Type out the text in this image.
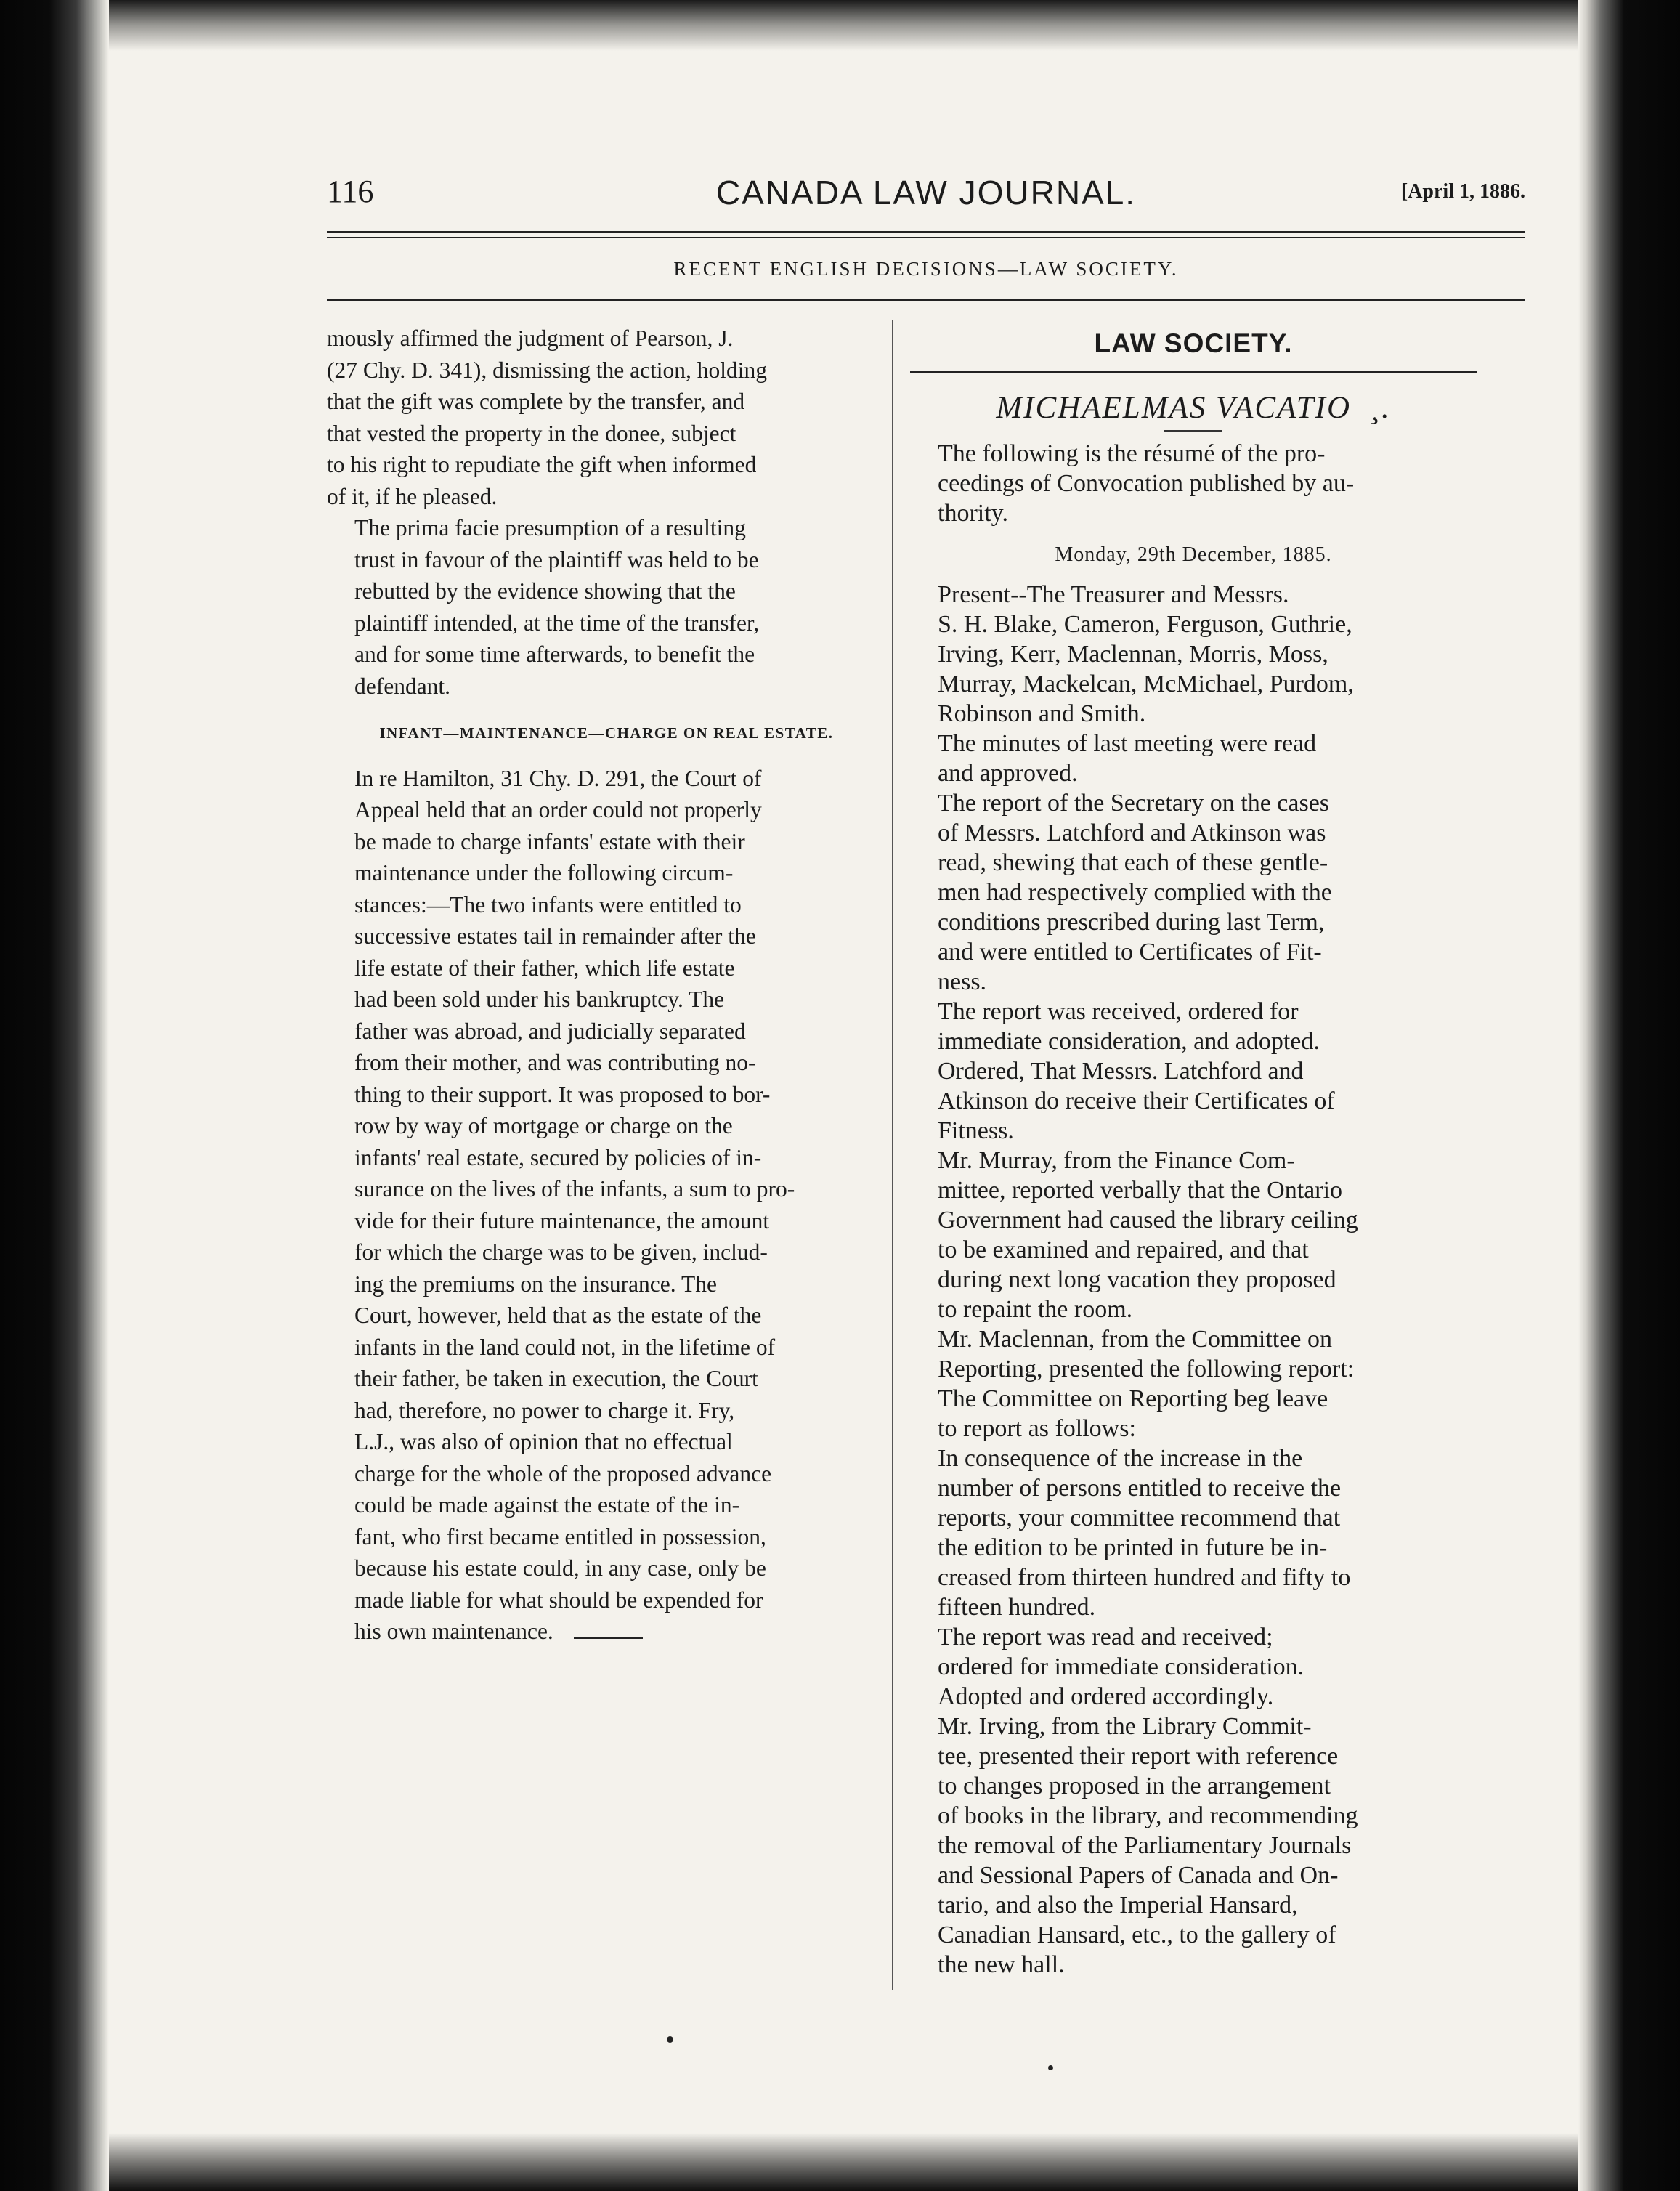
116	CANADA LAW JOURNAL.	[April 1, 1886.
RECENT ENGLISH DECISIONS—LAW SOCIETY.

mously affirmed the judgment of Pearson, J.
(27 Chy. D. 341), dismissing the action, holding
that the gift was complete by the transfer, and
that vested the property in the donee, subject
to his right to repudiate the gift when informed
of it, if he pleased.

The prima facie presumption of a resulting
trust in favour of the plaintiff was held to be
rebutted by the evidence showing that the
plaintiff intended, at the time of the transfer,
and for some time afterwards, to benefit the
defendant.

INFANT—MAINTENANCE—CHARGE ON REAL ESTATE.

In re Hamilton, 31 Chy. D. 291, the Court of
Appeal held that an order could not properly
be made to charge infants' estate with their
maintenance under the following circum-
stances:—The two infants were entitled to
successive estates tail in remainder after the
life estate of their father, which life estate
had been sold under his bankruptcy. The
father was abroad, and judicially separated
from their mother, and was contributing no-
thing to their support. It was proposed to bor-
row by way of mortgage or charge on the
infants' real estate, secured by policies of in-
surance on the lives of the infants, a sum to pro-
vide for their future maintenance, the amount
for which the charge was to be given, includ-
ing the premiums on the insurance. The
Court, however, held that as the estate of the
infants in the land could not, in the lifetime of
their father, be taken in execution, the Court
had, therefore, no power to charge it. Fry,
L.J., was also of opinion that no effectual
charge for the whole of the proposed advance
could be made against the estate of the in-
fant, who first became entitled in possession,
because his estate could, in any case, only be
made liable for what should be expended for
his own maintenance.

LAW SOCIETY.
MICHAELMAS VACATIO  ¸.

The following is the résumé of the pro-
ceedings of Convocation published by au-
thority.

Monday, 29th December, 1885.

Present--The Treasurer and Messrs.
S. H. Blake, Cameron, Ferguson, Guthrie,
Irving, Kerr, Maclennan, Morris, Moss,
Murray, Mackelcan, McMichael, Purdom,
Robinson and Smith.

The minutes of last meeting were read
and approved.

The report of the Secretary on the cases
of Messrs. Latchford and Atkinson was
read, shewing that each of these gentle-
men had respectively complied with the
conditions prescribed during last Term,
and were entitled to Certificates of Fit-
ness.

The report was received, ordered for
immediate consideration, and adopted.

Ordered, That Messrs. Latchford and
Atkinson do receive their Certificates of
Fitness.

Mr. Murray, from the Finance Com-
mittee, reported verbally that the Ontario
Government had caused the library ceiling
to be examined and repaired, and that
during next long vacation they proposed
to repaint the room.

Mr. Maclennan, from the Committee on
Reporting, presented the following report:

The Committee on Reporting beg leave
to report as follows:

In consequence of the increase in the
number of persons entitled to receive the
reports, your committee recommend that
the edition to be printed in future be in-
creased from thirteen hundred and fifty to
fifteen hundred.

The report was read and received;
ordered for immediate consideration.
Adopted and ordered accordingly.

Mr. Irving, from the Library Commit-
tee, presented their report with reference
to changes proposed in the arrangement
of books in the library, and recommending
the removal of the Parliamentary Journals
and Sessional Papers of Canada and On-
tario, and also the Imperial Hansard,
Canadian Hansard, etc., to the gallery of
the new hall.
